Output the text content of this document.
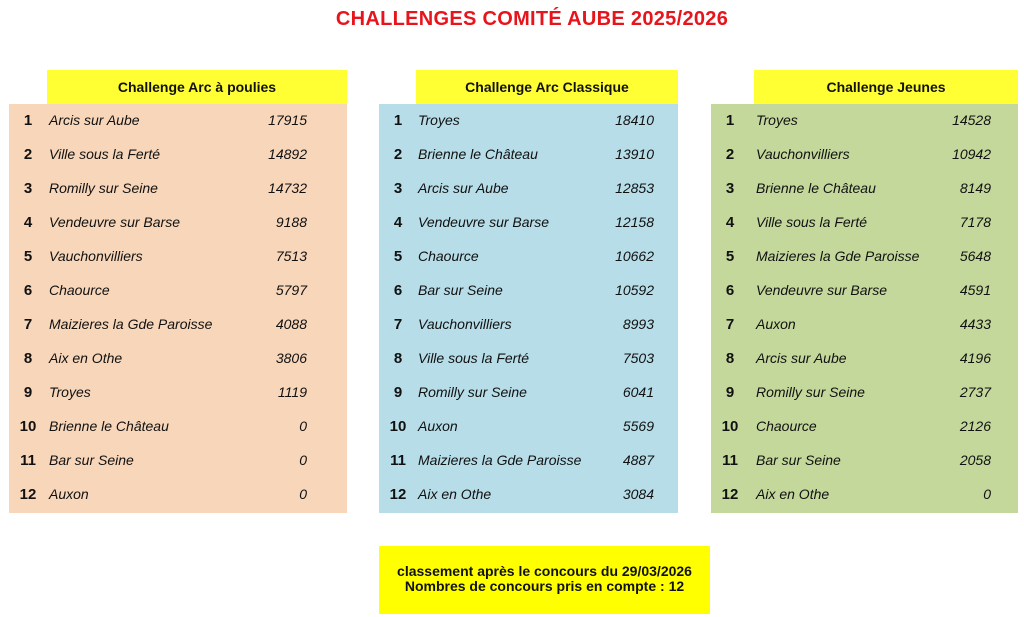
CHALLENGES COMITÉ AUBE 2025/2026
Challenge Arc à poulies
1	Arcis sur Aube	17915
2	Ville sous la Ferté	14892
3	Romilly sur Seine	14732
4	Vendeuvre sur Barse	9188
5	Vauchonvilliers	7513
6	Chaource	5797
7	Maizieres la Gde Paroisse	4088
8	Aix en Othe	3806
9	Troyes	1119
10 Brienne le Château	0
11 Bar sur Seine	0
12 Auxon	0
Challenge Arc Classique
1	Troyes	18410
2	Brienne le Château	13910
3	Arcis sur Aube	12853
4	Vendeuvre sur Barse	12158
5	Chaource	10662
6	Bar sur Seine	10592
7	Vauchonvilliers	8993
8	Ville sous la Ferté	7503
9	Romilly sur Seine	6041
10 Auxon	5569
11 Maizieres la Gde Paroisse	4887
12 Aix en Othe	3084
Challenge Jeunes
1	Troyes	14528
2	Vauchonvilliers	10942
3	Brienne le Château	8149
4	Ville sous la Ferté	7178
5	Maizieres la Gde Paroisse	5648
6	Vendeuvre sur Barse	4591
7	Auxon	4433
8	Arcis sur Aube	4196
9	Romilly sur Seine	2737
10	Chaource	2126
11	Bar sur Seine	2058
12	Aix en Othe	0
classement après le concours du 29/03/2026
Nombres de concours pris en compte : 12
